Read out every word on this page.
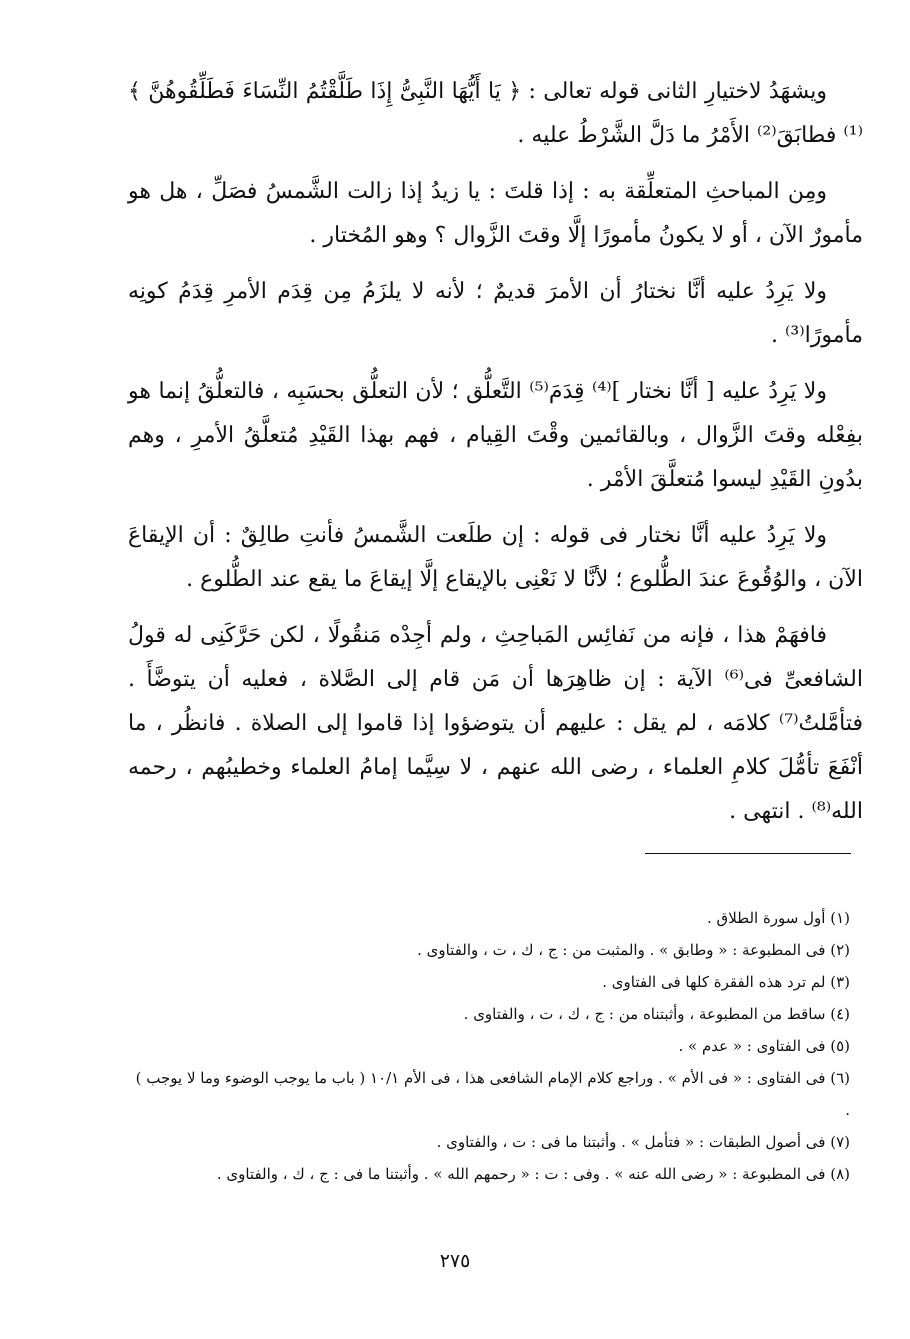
ويشهَدُ لاختيارِ الثانى قوله تعالى : ﴿ يَا أَيُّهَا النَّبِىُّ إِذَا طَلَّقْتُمُ النِّسَاءَ فَطَلِّقُوهُنَّ ﴾⁽¹⁾ فطابَقَ⁽²⁾ الأَمْرُ ما دَلَّ الشَّرْطُ عليه .

ومِن المباحثِ المتعلِّقة به : إذا قلتَ : يا زيدُ إذا زالت الشَّمسُ فصَلِّ ، هل هو مأمورٌ الآن ، أو لا يكونُ مأمورًا إلَّا وقتَ الزَّوال ؟ وهو المُختار .

ولا يَرِدُ عليه أنَّا نختارُ أن الأمرَ قديمٌ ؛ لأنه لا يلزَمُ مِن قِدَم الأمرِ قِدَمُ كونِه مأمورًا⁽³⁾ .

ولا يَرِدُ عليه [ أنَّا نختار ]⁽⁴⁾ قِدَمَ⁽⁵⁾ التَّعلُّق ؛ لأن التعلُّق بحسَبِه ، فالتعلُّقُ إنما هو بفِعْله وقتَ الزَّوال ، وبالقائمين وقْتَ القِيام ، فهم بهذا القَيْدِ مُتعلَّقُ الأمرِ ، وهم بدُونِ القَيْدِ ليسوا مُتعلَّقَ الأمْر .

ولا يَرِدُ عليه أنَّا نختار فى قوله : إن طلَعت الشَّمسُ فأنتِ طالِقٌ : أن الإيقاعَ الآن ، والوُقُوعَ عندَ الطُّلوع ؛ لأنَّا لا نَعْنِى بالإيقاع إلَّا إيقاعَ ما يقع عند الطُّلوع .

فافهَمْ هذا ، فإنه من نَفائِس المَباحِثِ ، ولم أجِدْه مَنقُولًا ، لكن حَرَّكَنِى له قولُ الشافعىِّ فى⁽⁶⁾ الآية : إن ظاهِرَها أن مَن قام إلى الصَّلاة ، فعليه أن يتوضَّأَ . فتأمَّلتُ⁽⁷⁾ كلامَه ، لم يقل : عليهم أن يتوضؤوا إذا قاموا إلى الصلاة . فانظُر ، ما أنْفَعَ تأمُّلَ كلامِ العلماء ، رضى الله عنهم ، لا سِيَّما إمامُ العلماء وخطيبُهم ، رحمه الله⁽⁸⁾ . انتهى .

(١) أول سورة الطلاق .
(٢) فى المطبوعة : « وطابق » . والمثبت من : ج ، ك ، ت ، والفتاوى .
(٣) لم ترد هذه الفقرة كلها فى الفتاوى .
(٤) ساقط من المطبوعة ، وأثبتناه من : ج ، ك ، ت ، والفتاوى .
(٥) فى الفتاوى : « عدم » .
(٦) فى الفتاوى : « فى الأم » . وراجع كلام الإمام الشافعى هذا ، فى الأم ١٠/١ ( باب ما يوجب الوضوء وما لا يوجب ) .
(٧) فى أصول الطبقات : « فتأمل » . وأثبتنا ما فى : ت ، والفتاوى .
(٨) فى المطبوعة : « رضى الله عنه » . وفى : ت : « رحمهم الله » . وأثبتنا ما فى : ج ، ك ، والفتاوى .
٢٧٥
